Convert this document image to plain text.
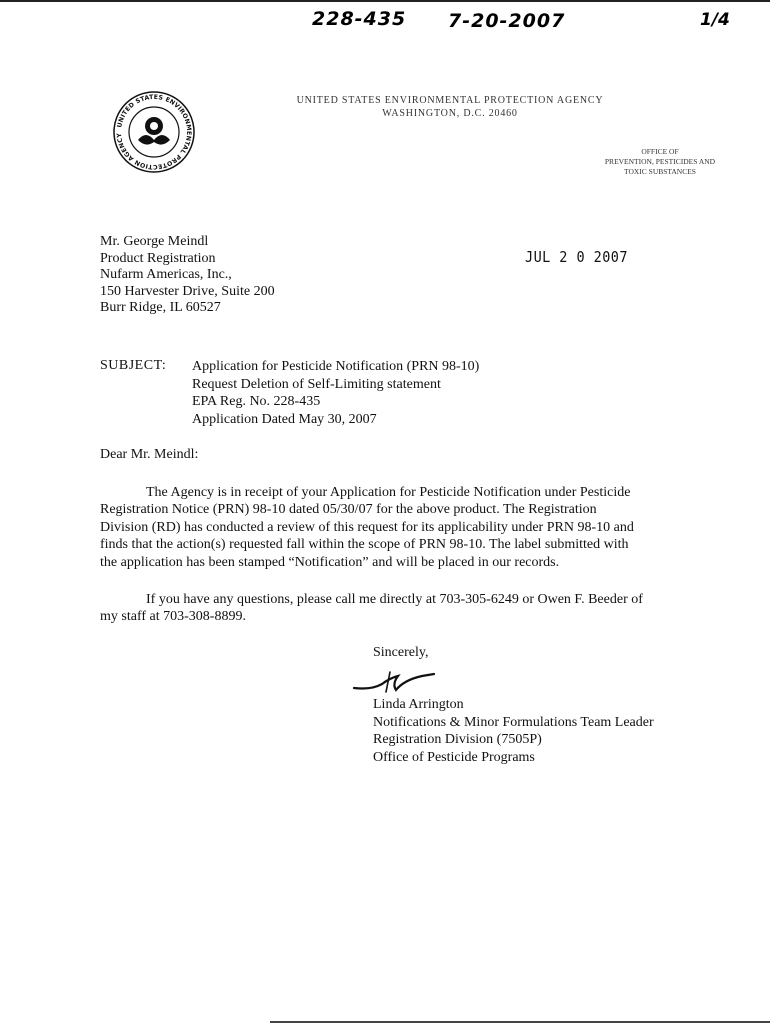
228-435 7-20-2007	1/4
UNITED STATES ENVIRONMENTAL PROTECTION AGENCY
UNITED STATES ENVIRONMENTAL PROTECTION AGENCY
WASHINGTON, D.C. 20460
OFFICE OF
PREVENTION, PESTICIDES AND
TOXIC SUBSTANCES
Mr. George Meindl
Product Registration
Nufarm Americas, Inc.,
150 Harvester Drive, Suite 200
Burr Ridge, IL 60527
JUL 2 0 2007
SUBJECT: Application for Pesticide Notification (PRN 98-10)
Request Deletion of Self-Limiting statement
EPA Reg. No. 228-435
Application Dated May 30, 2007
Dear Mr. Meindl:
The Agency is in receipt of your Application for Pesticide Notification under Pesticide
Registration Notice (PRN) 98-10 dated 05/30/07 for the above product. The Registration
Division (RD) has conducted a review of this request for its applicability under PRN 98-10 and
finds that the action(s) requested fall within the scope of PRN 98-10. The label submitted with
the application has been stamped “Notification” and will be placed in our records.
If you have any questions, please call me directly at 703-305-6249 or Owen F. Beeder of
my staff at 703-308-8899.
Sincerely,
Linda Arrington
Notifications & Minor Formulations Team Leader
Registration Division (7505P)
Office of Pesticide Programs
